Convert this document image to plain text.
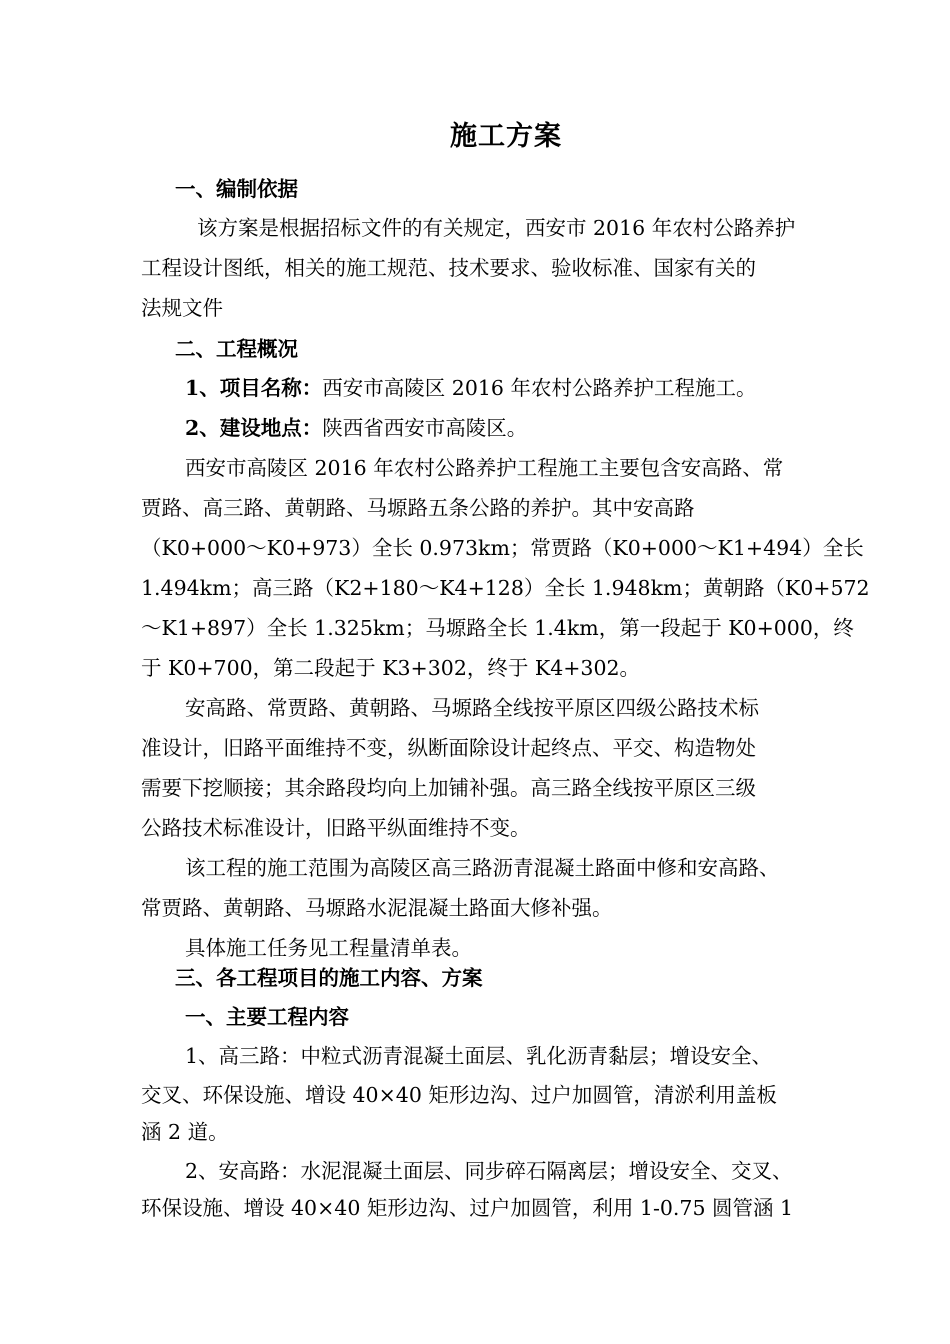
施工方案
一、编制依据
该方案是根据招标文件的有关规定，西安市 2016 年农村公路养护
工程设计图纸，相关的施工规范、技术要求、验收标准、国家有关的
法规文件
二、工程概况
1、项目名称：西安市高陵区 2016 年农村公路养护工程施工。
2、建设地点：陕西省西安市高陵区。
西安市高陵区 2016 年农村公路养护工程施工主要包含安高路、常
贾路、高三路、黄朝路、马塬路五条公路的养护。其中安高路
（K0+000～K0+973）全长 0.973km；常贾路（K0+000～K1+494）全长
1.494km；高三路（K2+180～K4+128）全长 1.948km；黄朝路（K0+572
～K1+897）全长 1.325km；马塬路全长 1.4km，第一段起于 K0+000，终
于 K0+700，第二段起于 K3+302，终于 K4+302。
安高路、常贾路、黄朝路、马塬路全线按平原区四级公路技术标
准设计，旧路平面维持不变，纵断面除设计起终点、平交、构造物处
需要下挖顺接；其余路段均向上加铺补强。高三路全线按平原区三级
公路技术标准设计，旧路平纵面维持不变。
该工程的施工范围为高陵区高三路沥青混凝土路面中修和安高路、
常贾路、黄朝路、马塬路水泥混凝土路面大修补强。
具体施工任务见工程量清单表。
三、各工程项目的施工内容、方案
一、主要工程内容
1、高三路：中粒式沥青混凝土面层、乳化沥青黏层；增设安全、
交叉、环保设施、增设 40×40 矩形边沟、过户加圆管，清淤利用盖板
涵 2 道。
2、安高路：水泥混凝土面层、同步碎石隔离层；增设安全、交叉、
环保设施、增设 40×40 矩形边沟、过户加圆管，利用 1-0.75 圆管涵 1
